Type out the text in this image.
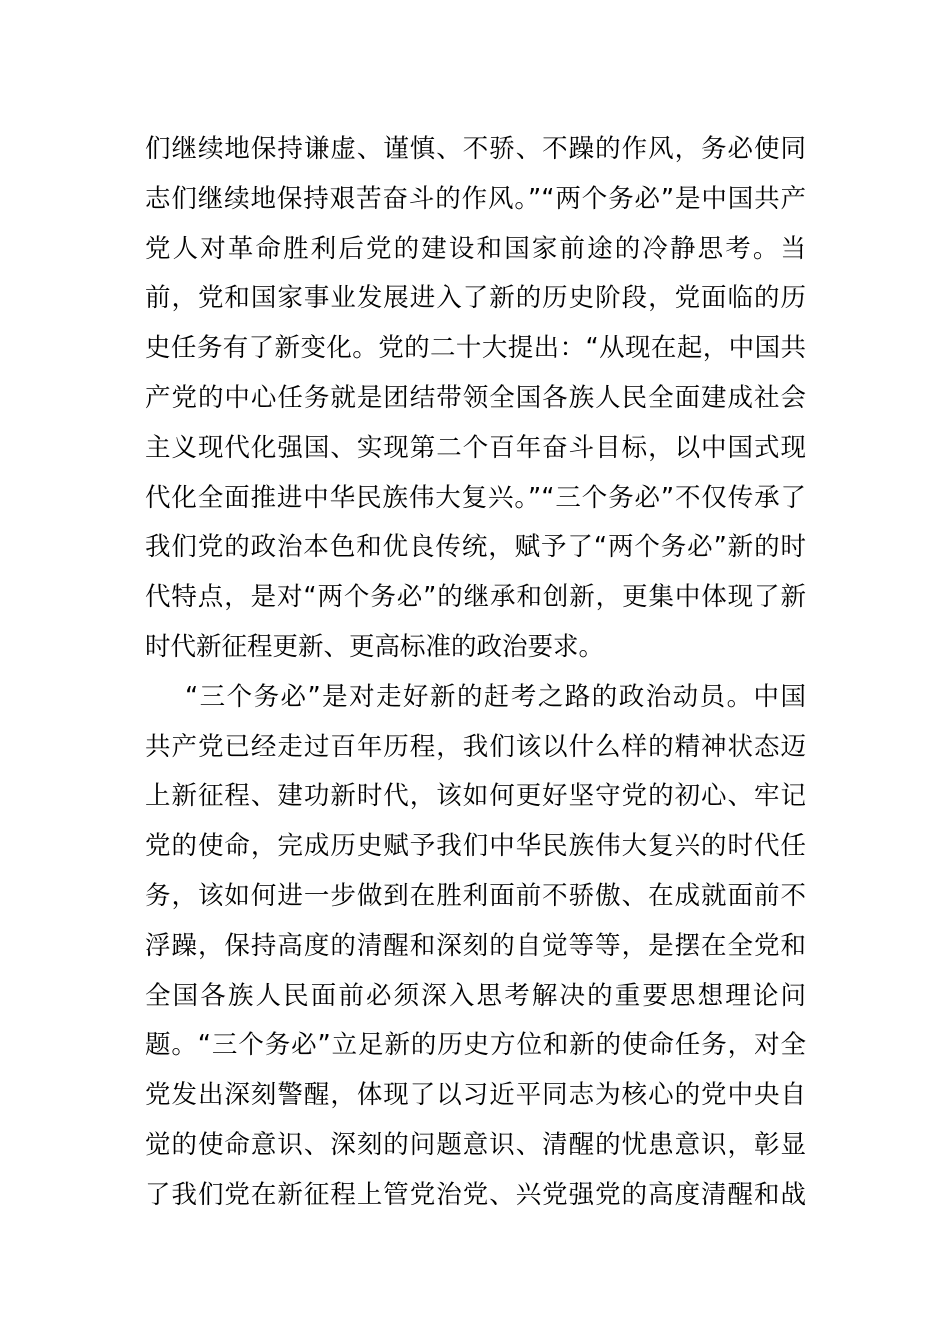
们继续地保持谦虚、谨慎、不骄、不躁的作风，务必使同
志们继续地保持艰苦奋斗的作风。”“两个务必”是中国共产
党人对革命胜利后党的建设和国家前途的冷静思考。当
前，党和国家事业发展进入了新的历史阶段，党面临的历
史任务有了新变化。党的二十大提出：“从现在起，中国共
产党的中心任务就是团结带领全国各族人民全面建成社会
主义现代化强国、实现第二个百年奋斗目标，以中国式现
代化全面推进中华民族伟大复兴。”“三个务必”不仅传承了
我们党的政治本色和优良传统，赋予了“两个务必”新的时
代特点，是对“两个务必”的继承和创新，更集中体现了新
时代新征程更新、更高标准的政治要求。
“三个务必”是对走好新的赶考之路的政治动员。中国
共产党已经走过百年历程，我们该以什么样的精神状态迈
上新征程、建功新时代，该如何更好坚守党的初心、牢记
党的使命，完成历史赋予我们中华民族伟大复兴的时代任
务，该如何进一步做到在胜利面前不骄傲、在成就面前不
浮躁，保持高度的清醒和深刻的自觉等等，是摆在全党和
全国各族人民面前必须深入思考解决的重要思想理论问
题。“三个务必”立足新的历史方位和新的使命任务，对全
党发出深刻警醒，体现了以习近平同志为核心的党中央自
觉的使命意识、深刻的问题意识、清醒的忧患意识，彰显
了我们党在新征程上管党治党、兴党强党的高度清醒和战
